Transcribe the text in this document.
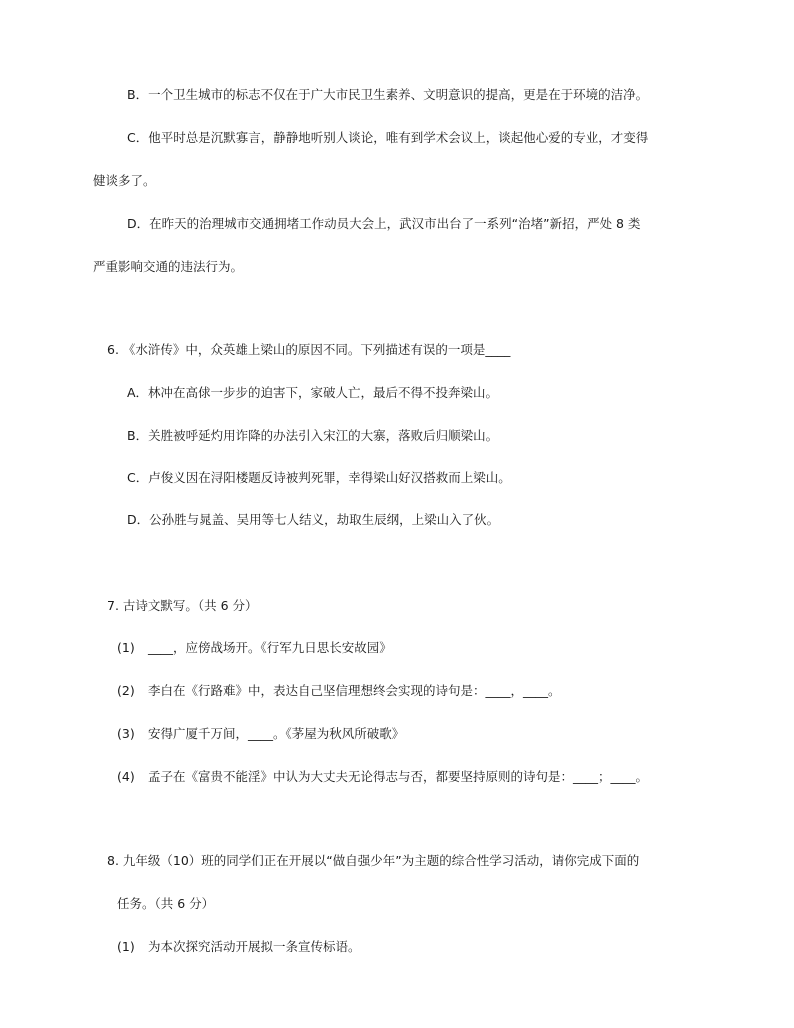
B．一个卫生城市的标志不仅在于广大市民卫生素养、文明意识的提高，更是在于环境的洁净。
C．他平时总是沉默寡言，静静地听别人谈论，唯有到学术会议上，谈起他心爱的专业，才变得
健谈多了。
D．在昨天的治理城市交通拥堵工作动员大会上，武汉市出台了一系列“治堵”新招，严处 8 类
严重影响交通的违法行为。
6. 《水浒传》中，众英雄上梁山的原因不同。下列描述有误的一项是____
A．林冲在高俅一步步的迫害下，家破人亡，最后不得不投奔梁山。
B．关胜被呼延灼用诈降的办法引入宋江的大寨，落败后归顺梁山。
C．卢俊义因在浔阳楼题反诗被判死罪，幸得梁山好汉搭救而上梁山。
D．公孙胜与晁盖、吴用等七人结义，劫取生辰纲，上梁山入了伙。
7. 古诗文默写。（共 6 分）
(1) ____，应傍战场开。《行军九日思长安故园》
(2) 李白在《行路难》中，表达自己坚信理想终会实现的诗句是：____，____。
(3) 安得广厦千万间，____。《茅屋为秋风所破歌》
(4) 孟子在《富贵不能淫》中认为大丈夫无论得志与否，都要坚持原则的诗句是：____；____。
8. 九年级（10）班的同学们正在开展以“做自强少年”为主题的综合性学习活动，请你完成下面的
任务。（共 6 分）
(1) 为本次探究活动开展拟一条宣传标语。
